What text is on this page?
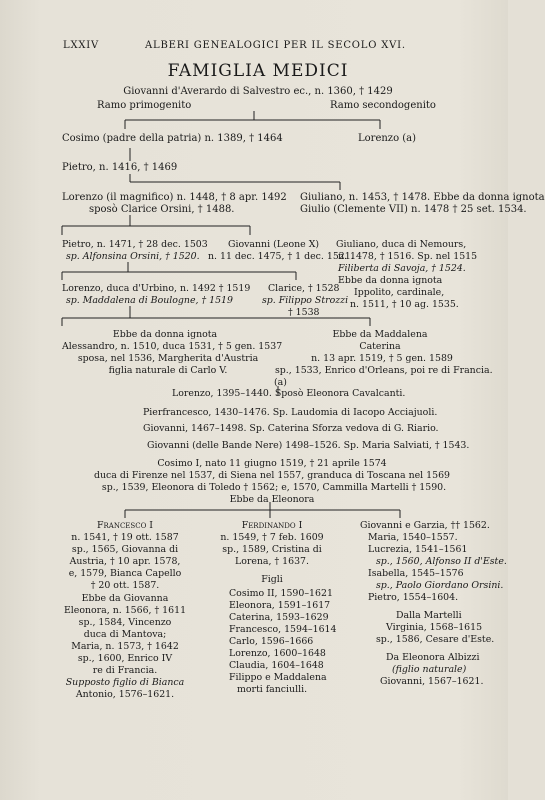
LXXIV	ALBERI GENEALOGICI PER IL SECOLO XVI.
FAMIGLIA MEDICI
Giovanni d'Averardo di Salvestro ec., n. 1360, † 1429
Ramo primogenito	Ramo secondogenito
Cosimo (padre della patria) n. 1389, † 1464	Lorenzo (a)
Pietro, n. 1416, † 1469
Lorenzo (il magnifico) n. 1448, † 8 apr. 1492
sposò Clarice Orsini, † 1488.
Giuliano, n. 1453, † 1478. Ebbe da donna ignota
Giulio (Clemente VII) n. 1478 † 25 set. 1534.
Pietro, n. 1471, † 28 dec. 1503
sp. Alfonsina Orsini, † 1520.
Giovanni (Leone X)
n. 11 dec. 1475, † 1 dec. 1521.
Giuliano, duca di Nemours,
n. 1478, † 1516. Sp. nel 1515
Filiberta di Savoja, † 1524.
Ebbe da donna ignota
Ippolito, cardinale,
n. 1511, † 10 ag. 1535.
Lorenzo, duca d'Urbino, n. 1492 † 1519
sp. Maddalena di Boulogne, † 1519
Clarice, † 1528
sp. Filippo Strozzi
† 1538
Ebbe da donna ignota
Alessandro, n. 1510, duca 1531, † 5 gen. 1537
sposa, nel 1536, Margherita d'Austria
figlia naturale di Carlo V.
Ebbe da Maddalena
Caterina
n. 13 apr. 1519, † 5 gen. 1589
sp., 1533, Enrico d'Orleans, poi re di Francia.
(a)
Lorenzo, 1395–1440. Sposò Eleonora Cavalcanti.
Pierfrancesco, 1430–1476. Sp. Laudomia di Iacopo Acciajuoli.
Giovanni, 1467–1498. Sp. Caterina Sforza vedova di G. Riario.
Giovanni (delle Bande Nere) 1498–1526. Sp. Maria Salviati, † 1543.
Cosimo I, nato 11 giugno 1519, † 21 aprile 1574
duca di Firenze nel 1537, di Siena nel 1557, granduca di Toscana nel 1569
sp., 1539, Eleonora di Toledo † 1562; e, 1570, Cammilla Martelli † 1590.
Ebbe da Eleonora
Francesco I
n. 1541, † 19 ott. 1587
sp., 1565, Giovanna di
Austria, † 10 apr. 1578,
e, 1579, Bianca Capello
† 20 ott. 1587.
Ebbe da Giovanna
Eleonora, n. 1566, † 1611
sp., 1584, Vincenzo
duca di Mantova;
Maria, n. 1573, † 1642
sp., 1600, Enrico IV
re di Francia.
Supposto figlio di Bianca
Antonio, 1576–1621.
Ferdinando I
n. 1549, † 7 feb. 1609
sp., 1589, Cristina di
Lorena, † 1637.
Figli
Cosimo II, 1590–1621
Eleonora, 1591–1617
Caterina, 1593–1629
Francesco, 1594–1614
Carlo, 1596–1666
Lorenzo, 1600–1648
Claudia, 1604–1648
Filippo e Maddalena
morti fanciulli.
Giovanni e Garzia, †† 1562.
Maria, 1540–1557.
Lucrezia, 1541–1561
sp., 1560, Alfonso II d'Este.
Isabella, 1545–1576
sp., Paolo Giordano Orsini.
Pietro, 1554–1604.
Dalla Martelli
Virginia, 1568–1615
sp., 1586, Cesare d'Este.
Da Eleonora Albizzi
(figlio naturale)
Giovanni, 1567–1621.
